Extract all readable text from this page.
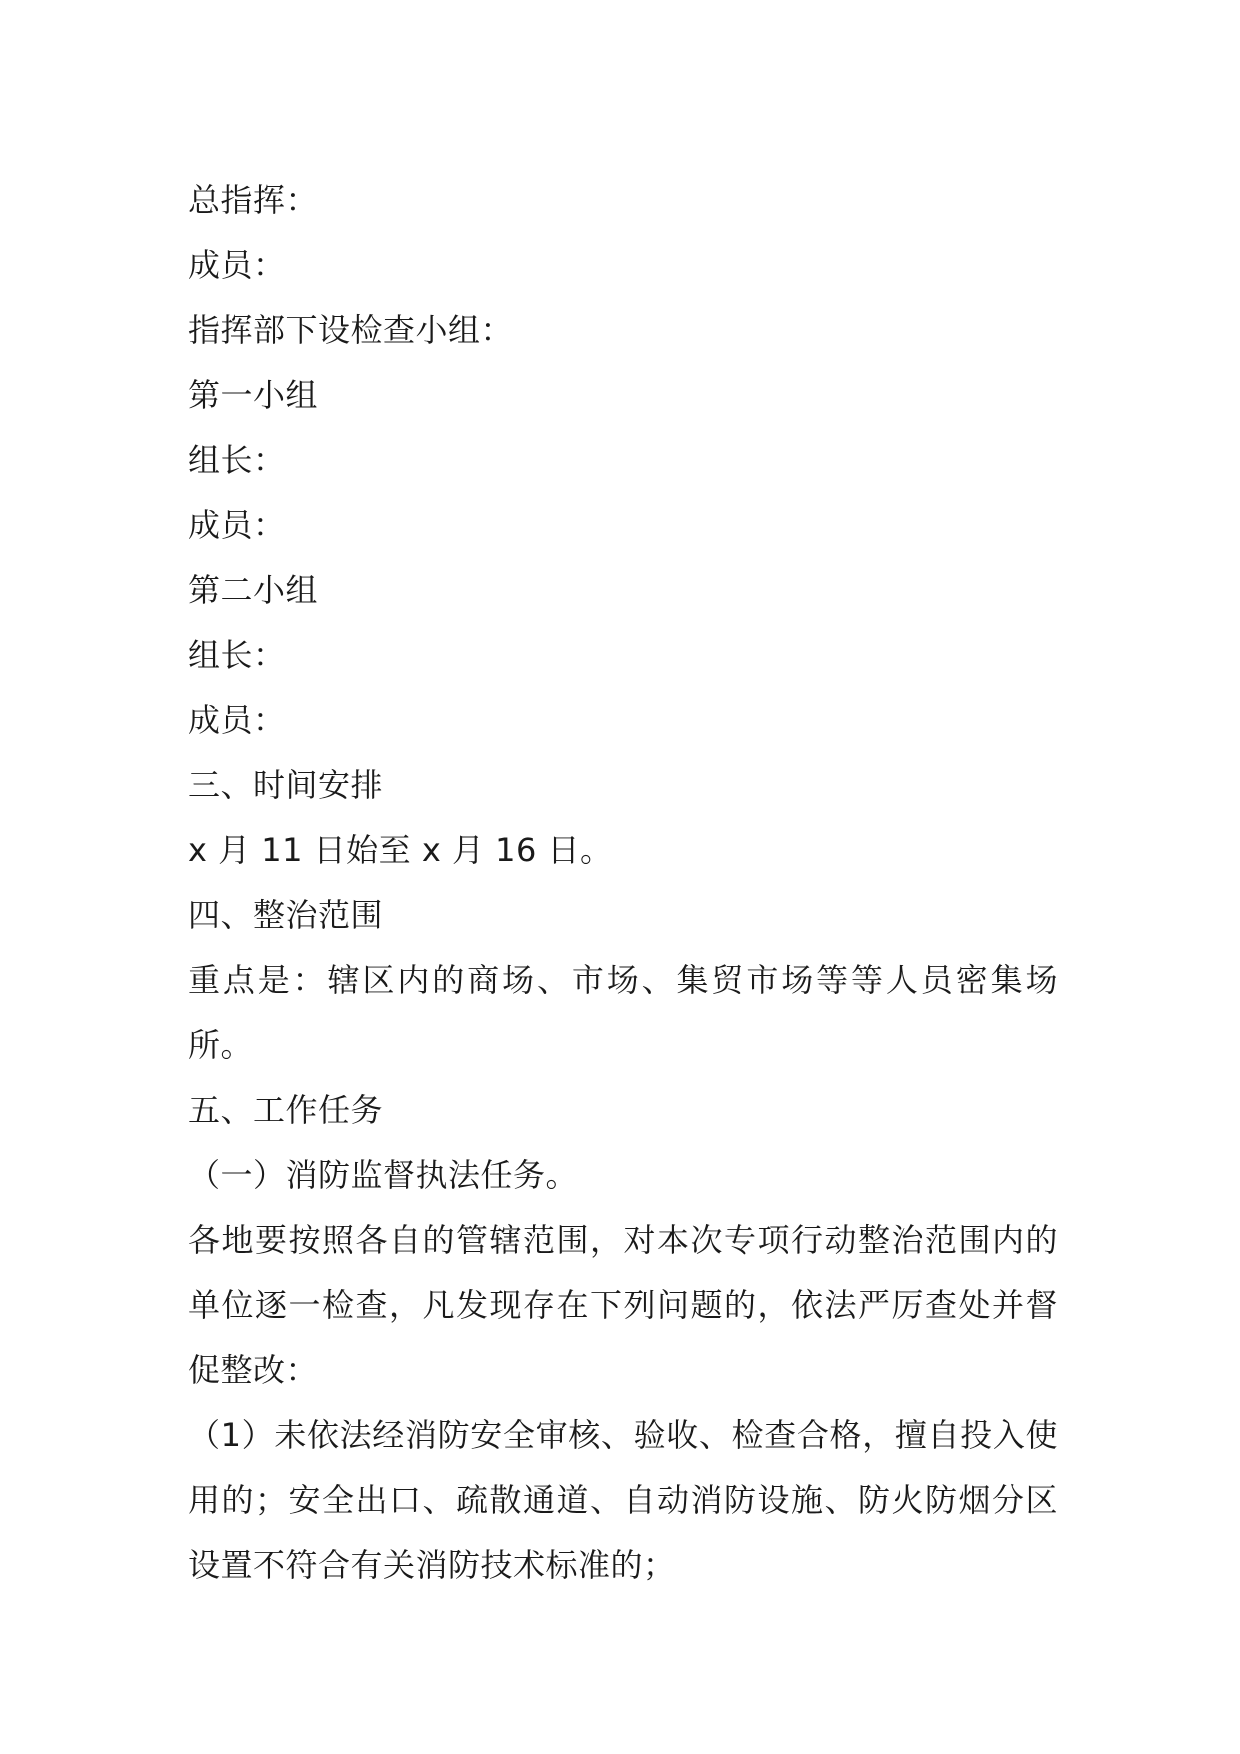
总指挥：

成员：

指挥部下设检查小组：

第一小组

组长：

成员：

第二小组

组长：

成员：

三、时间安排

x 月 11 日始至 x 月 16 日。

四、整治范围

重点是：辖区内的商场、市场、集贸市场等等人员密集场所。

五、工作任务

（一）消防监督执法任务。

各地要按照各自的管辖范围，对本次专项行动整治范围内的单位逐一检查，凡发现存在下列问题的，依法严厉查处并督促整改：

（1）未依法经消防安全审核、验收、检查合格，擅自投入使用的；安全出口、疏散通道、自动消防设施、防火防烟分区设置不符合有关消防技术标准的；
